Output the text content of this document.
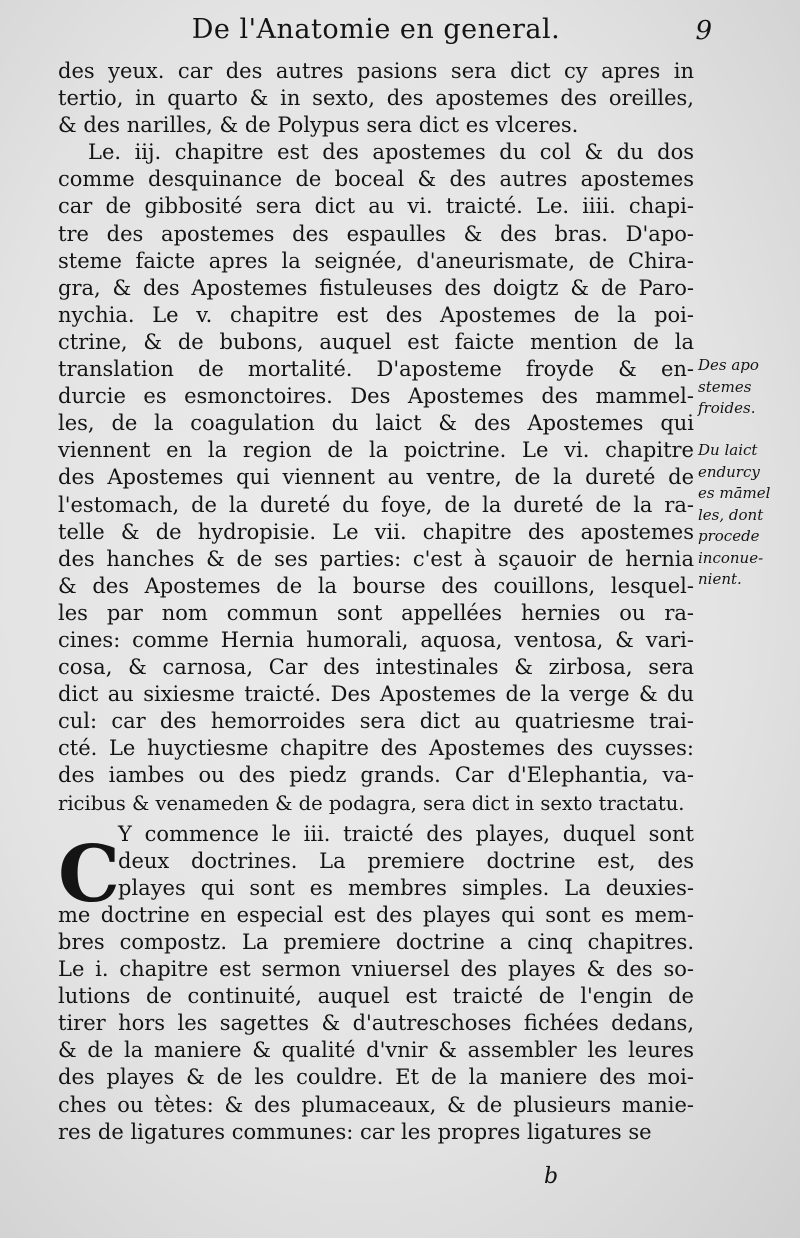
De l'Anatomie en general.	9
des yeux. car des autres pasions sera dict cy apres in
tertio, in quarto & in sexto, des apostemes des oreilles,
& des narilles, & de Polypus sera dict es vlceres.
Le. iij. chapitre est des apostemes du col & du dos
comme desquinance de boceal & des autres apostemes
car de gibbosité sera dict au vi. traicté. Le. iiii. chapi-
tre des apostemes des espaulles & des bras. D'apo-
steme faicte apres la seignée, d'aneurismate, de Chira-
gra, & des Apostemes fistuleuses des doigtz & de Paro-
nychia. Le v. chapitre est des Apostemes de la poi-
ctrine, & de bubons, auquel est faicte mention de la
translation de mortalité. D'aposteme froyde & en-
durcie es esmonctoires. Des Apostemes des mammel-
les, de la coagulation du laict & des Apostemes qui
viennent en la region de la poictrine. Le vi. chapitre
des Apostemes qui viennent au ventre, de la dureté de
l'estomach, de la dureté du foye, de la dureté de la ra-
telle & de hydropisie. Le vii. chapitre des apostemes
des hanches & de ses parties: c'est à sçauoir de hernia
& des Apostemes de la bourse des couillons, lesquel-
les par nom commun sont appellées hernies ou ra-
cines: comme Hernia humorali, aquosa, ventosa, & vari-
cosa, & carnosa, Car des intestinales & zirbosa, sera
dict au sixiesme traicté. Des Apostemes de la verge & du
cul: car des hemorroides sera dict au quatriesme trai-
cté. Le huyctiesme chapitre des Apostemes des cuysses:
des iambes ou des piedz grands. Car d'Elephantia, va-
ricibus & venameden & de podagra, sera dict in sexto tractatu.
Y commence le iii. traicté des playes, duquel sont
deux doctrines. La premiere doctrine est, des
playes qui sont es membres simples. La deuxies-
me doctrine en especial est des playes qui sont es mem-
bres compostz. La premiere doctrine a cinq chapitres.
Le i. chapitre est sermon vniuersel des playes & des so-
lutions de continuité, auquel est traicté de l'engin de
tirer hors les sagettes & d'autreschoses fichées dedans,
& de la maniere & qualité d'vnir & assembler les leures
des playes & de les couldre. Et de la maniere des moi-
ches ou tètes: & des plumaceaux, & de plusieurs manie-
res de ligatures communes: car les propres ligatures se
C
Des apo
stemes
froides.
Du laict
endurcy
es māmel
les, dont
procede
inconue-
nient.
b
